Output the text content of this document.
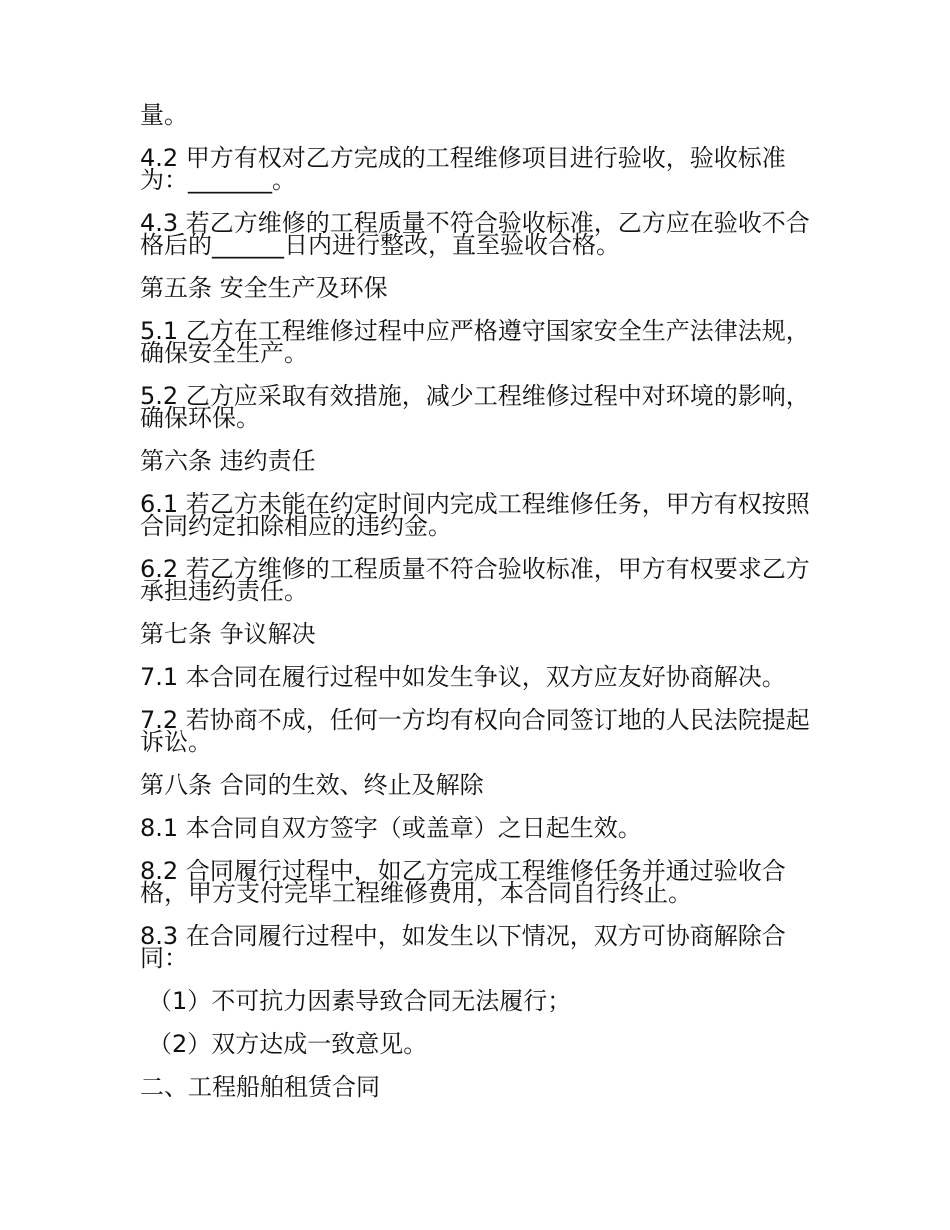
量。

4.2 甲方有权对乙方完成的工程维修项目进行验收，验收标准为：_______。

4.3 若乙方维修的工程质量不符合验收标准，乙方应在验收不合格后的______日内进行整改，直至验收合格。

第五条 安全生产及环保

5.1 乙方在工程维修过程中应严格遵守国家安全生产法律法规，确保安全生产。

5.2 乙方应采取有效措施，减少工程维修过程中对环境的影响，确保环保。

第六条 违约责任

6.1 若乙方未能在约定时间内完成工程维修任务，甲方有权按照合同约定扣除相应的违约金。

6.2 若乙方维修的工程质量不符合验收标准，甲方有权要求乙方承担违约责任。

第七条 争议解决

7.1 本合同在履行过程中如发生争议，双方应友好协商解决。

7.2 若协商不成，任何一方均有权向合同签订地的人民法院提起诉讼。

第八条 合同的生效、终止及解除

8.1 本合同自双方签字（或盖章）之日起生效。

8.2 合同履行过程中，如乙方完成工程维修任务并通过验收合格，甲方支付完毕工程维修费用，本合同自行终止。

8.3 在合同履行过程中，如发生以下情况，双方可协商解除合同：

（1）不可抗力因素导致合同无法履行；

（2）双方达成一致意见。

二、工程船舶租赁合同
